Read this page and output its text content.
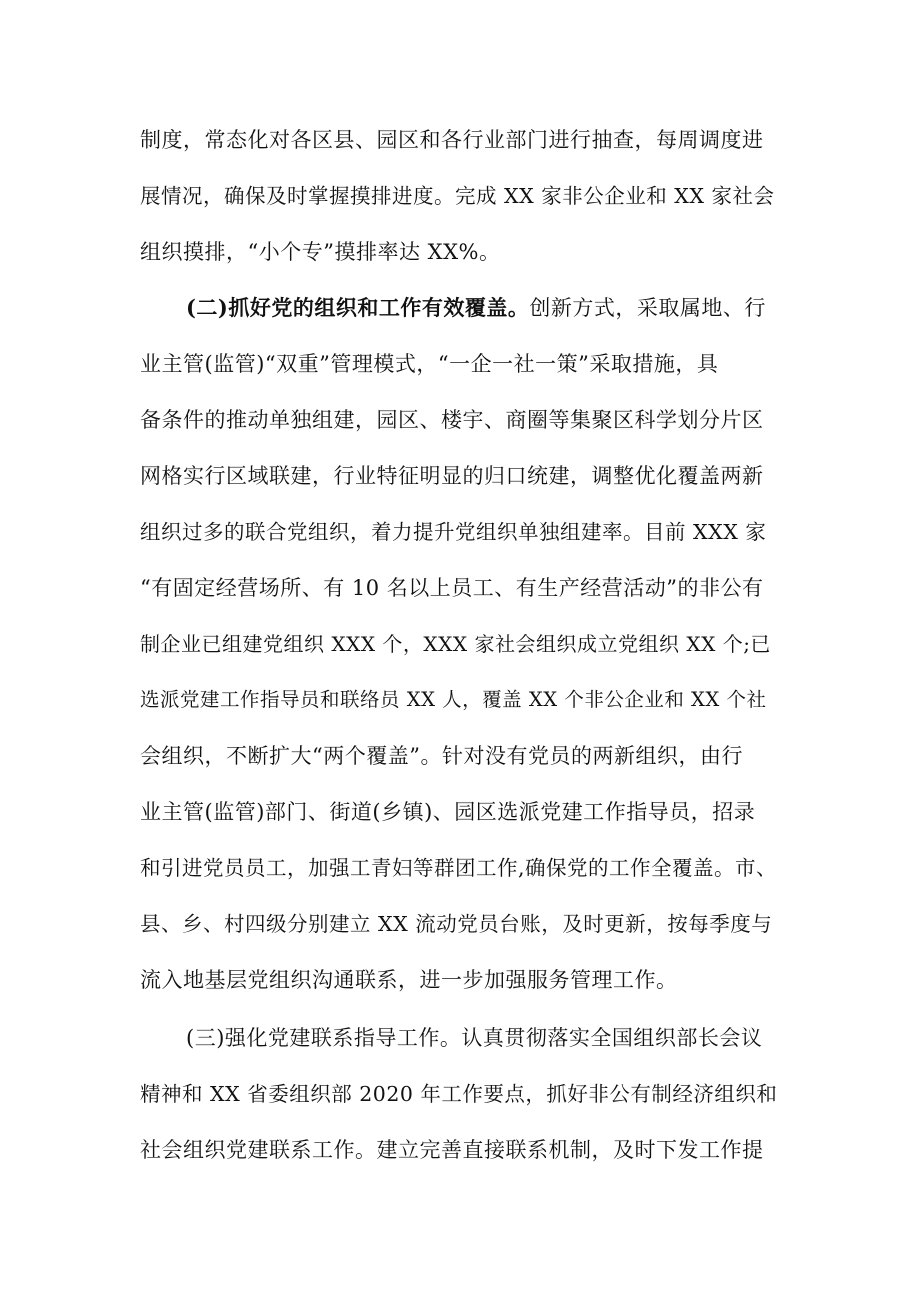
制度，常态化对各区县、园区和各行业部门进行抽查，每周调度进
展情况，确保及时掌握摸排进度。完成 XX 家非公企业和 XX 家社会
组织摸排，“小个专”摸排率达 XX%。
(二)抓好党的组织和工作有效覆盖。创新方式，采取属地、行
业主管(监管)“双重”管理模式，“一企一社一策”采取措施，具
备条件的推动单独组建，园区、楼宇、商圈等集聚区科学划分片区
网格实行区域联建，行业特征明显的归口统建，调整优化覆盖两新
组织过多的联合党组织，着力提升党组织单独组建率。目前 XXX 家
“有固定经营场所、有 10 名以上员工、有生产经营活动”的非公有
制企业已组建党组织 XXX 个，XXX 家社会组织成立党组织 XX 个;已
选派党建工作指导员和联络员 XX 人，覆盖 XX 个非公企业和 XX 个社
会组织，不断扩大“两个覆盖”。针对没有党员的两新组织，由行
业主管(监管)部门、街道(乡镇)、园区选派党建工作指导员，招录
和引进党员员工，加强工青妇等群团工作,确保党的工作全覆盖。市、
县、乡、村四级分别建立 XX 流动党员台账，及时更新，按每季度与
流入地基层党组织沟通联系，进一步加强服务管理工作。
(三)强化党建联系指导工作。认真贯彻落实全国组织部长会议
精神和 XX 省委组织部 2020 年工作要点，抓好非公有制经济组织和
社会组织党建联系工作。建立完善直接联系机制，及时下发工作提
